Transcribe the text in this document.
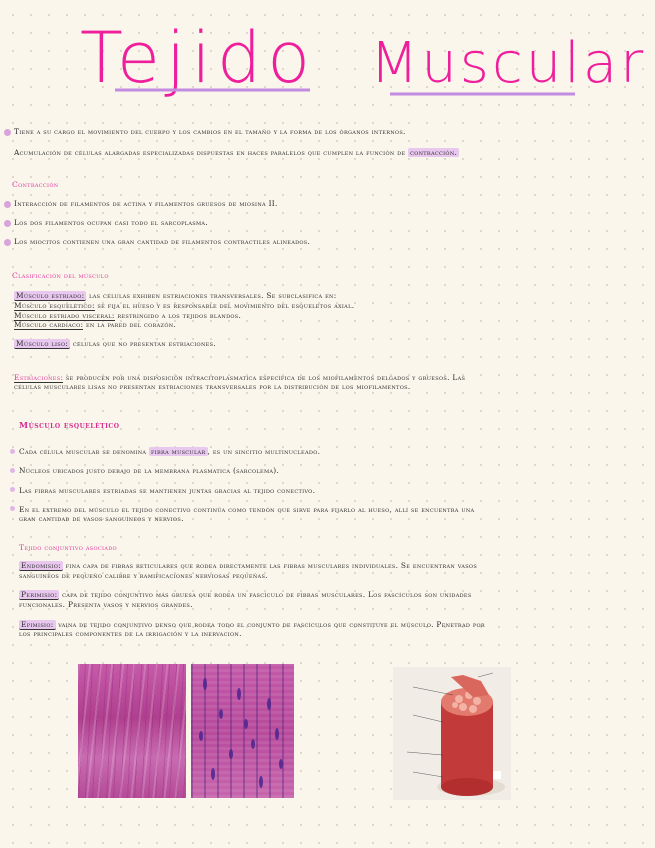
Tejido Muscular
Tiene a su cargo el movimiento del cuerpo y los cambios en el tamaño y la forma de los órganos internos.
Acumulación de células alargadas especializadas dispuestas en haces paralelos que cumplen la función de contracción.
Contracción
Interacción de filamentos de actina y filamentos gruesos de miosina II.
Los dos filamentos ocupan casi todo el sarcoplasma.
Los miocitos contienen una gran cantidad de filamentos contractiles alineados.
Clasificación del músculo
Músculo estriado: las células exhiben estriaciones transversales. Se subclasifica en:
Músculo esquelético: se fija el hueso y es responsable del movimiento del esqueletos axial.
Músculo estriado visceral: restringido a los tejidos blandos.
Músculo cardiaco: en la pared del corazón.
Músculo liso: células que no presentan estriaciones.
Estriaciones: se producen por una disposición intracitoplasmatica específica de los miofilamentos delgados y gruesos. Las
células musculares lisas no presentan estriaciones transversales por la distribución de los miofilamentos.
Músculo esquelético
Cada célula muscular se denomina fibra muscular , es un sincitio multinucleado.
Núcleos ubicados justo debajo de la membrana plasmatica (sarcolema).
Las fibras musculares estriadas se mantienen juntas gracias al tejido conectivo.
En el extremo del músculo el tejido conectivo continúa como tendón que sirve para fijarlo al hueso, allí se encuentra una
gran cantidad de vasos sanguíneos y nervios.
Tejido conjuntivo asociado
Endomisio: fina capa de fibras reticulares que rodea directamente las fibras musculares individuales. Se encuentran vasos
sanguíneos de pequeño calibre y ramificaciones nerviosas pequeñas.
Perimisio: capa de tejido conjuntivo más gruesa que rodea un fascículo de fibras musculares. Los fascículos son unidades
funcionales. Presenta vasos y nervios grandes.
Epimisio: vaina de tejido conjuntivo denso que rodea todo el conjunto de fascículos que constituye el músculo. Penetrad por
los principales componentes de la irrigación y la inervacion.
